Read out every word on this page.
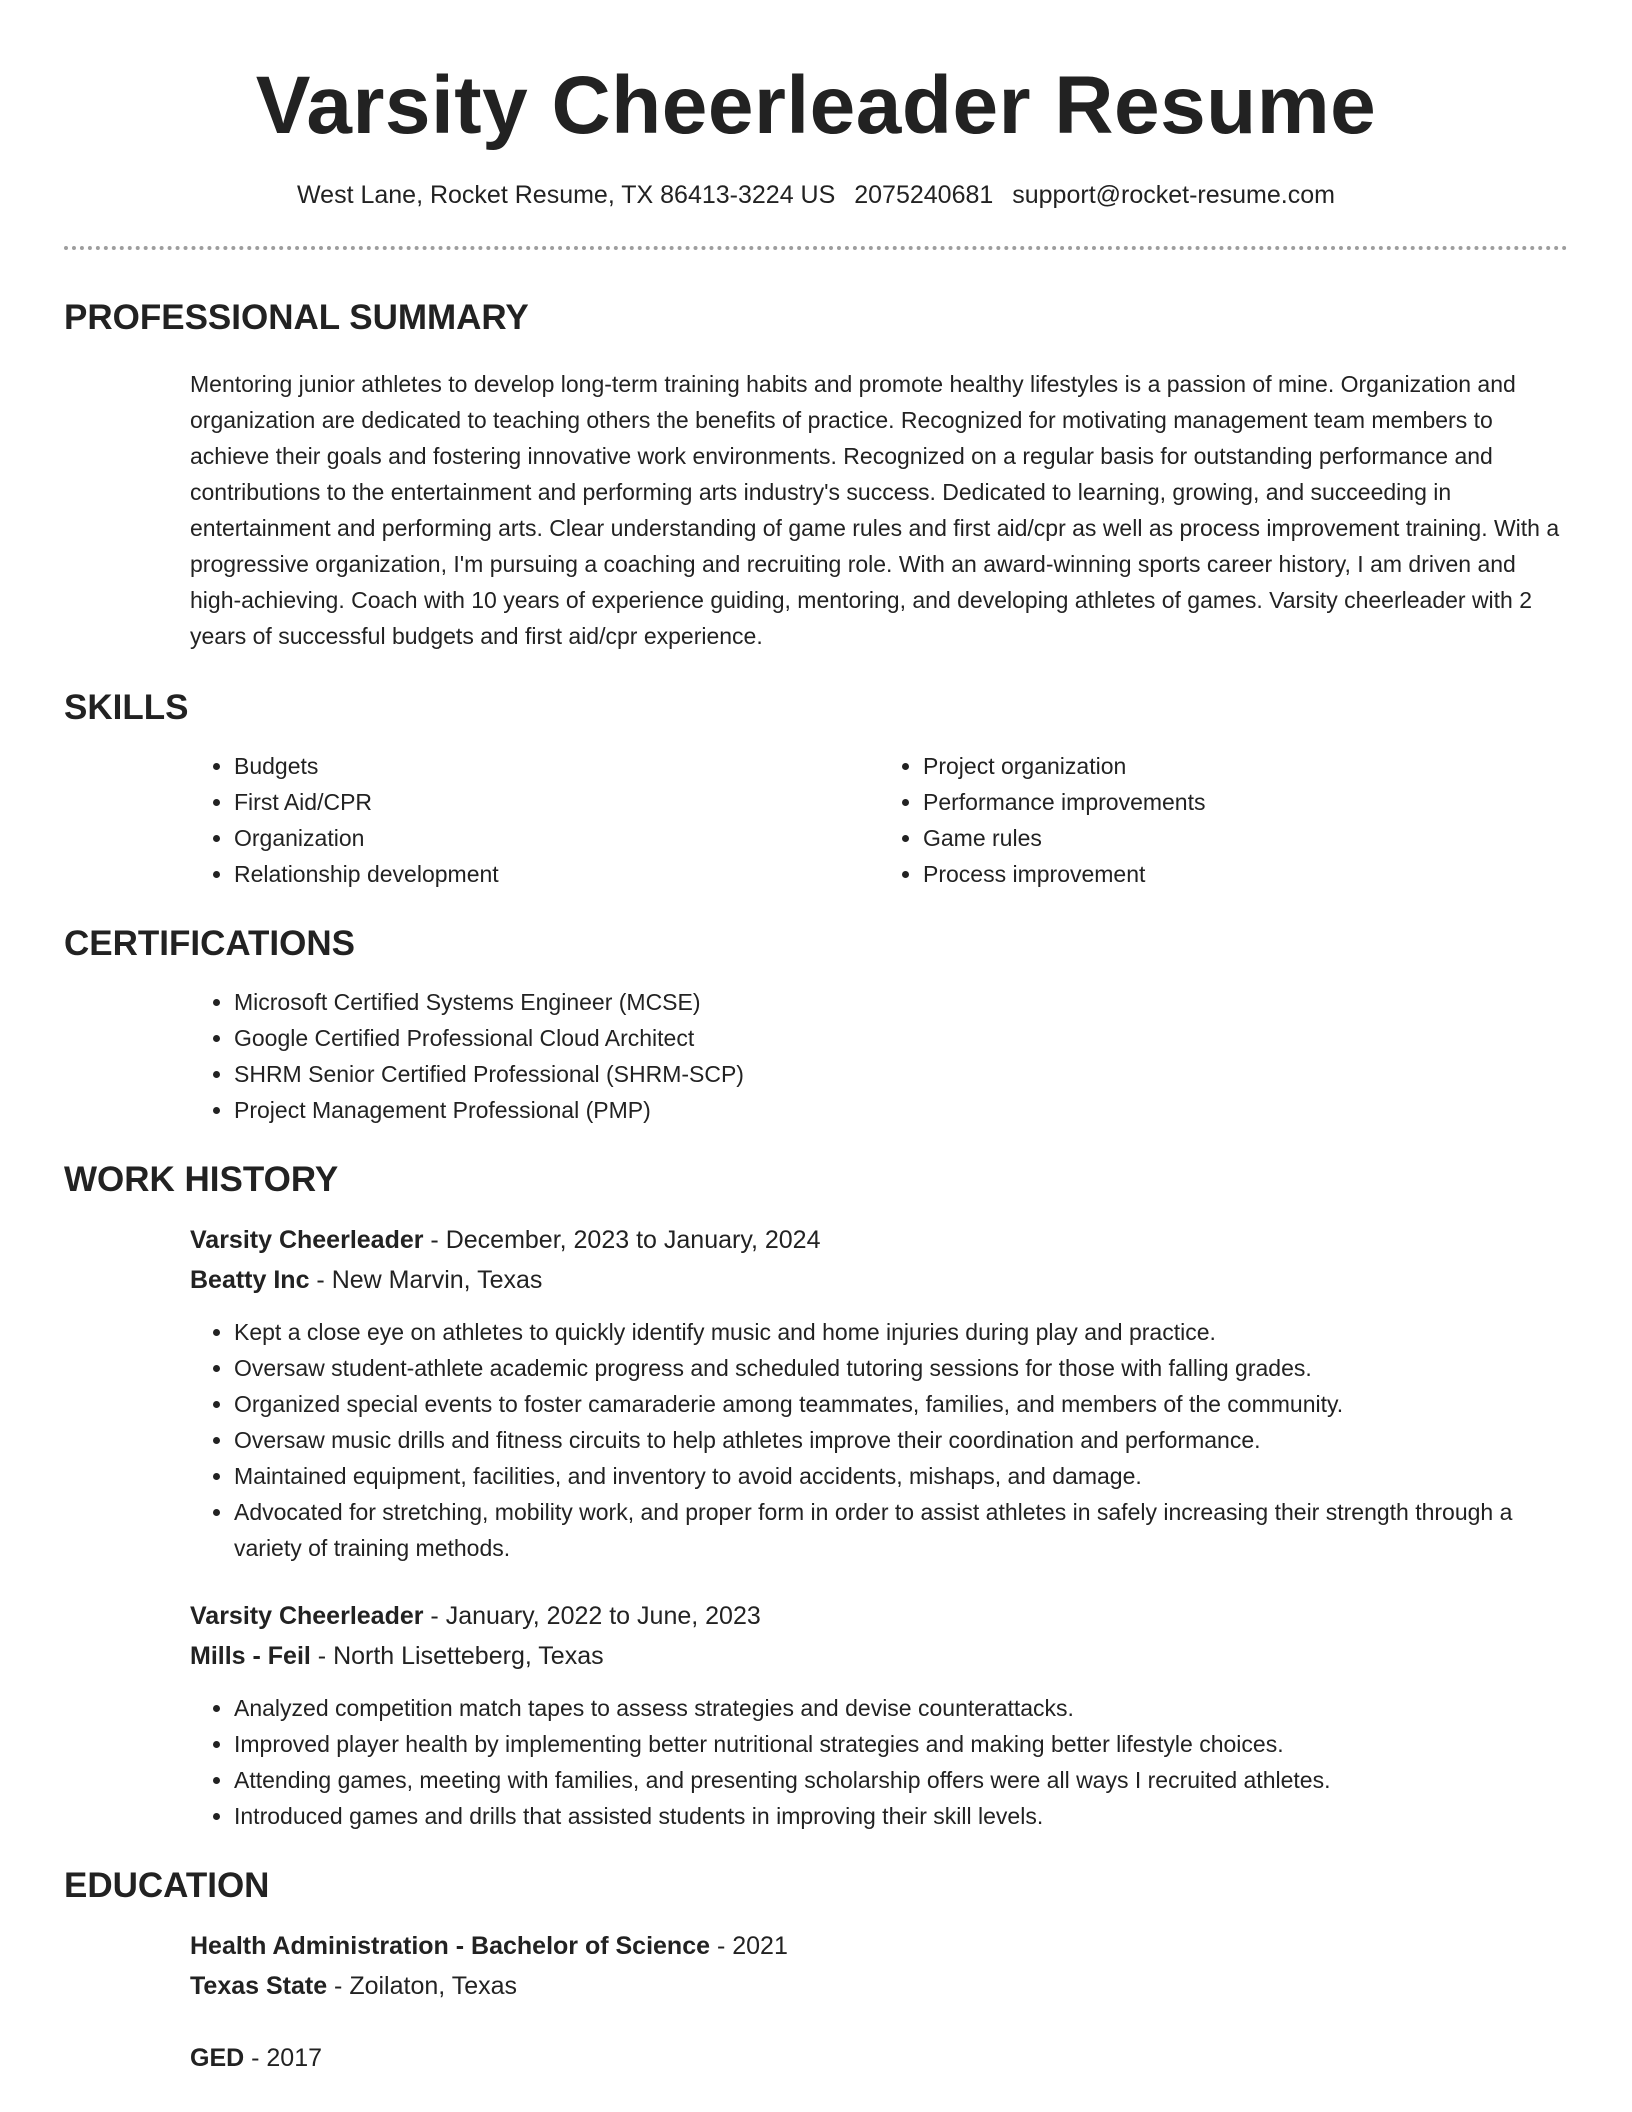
Varsity Cheerleader Resume
West Lane, Rocket Resume, TX 86413-3224 US 2075240681 support@rocket-resume.com
PROFESSIONAL SUMMARY
Mentoring junior athletes to develop long-term training habits and promote healthy lifestyles is a passion of mine. Organization and organization are dedicated to teaching others the benefits of practice. Recognized for motivating management team members to achieve their goals and fostering innovative work environments. Recognized on a regular basis for outstanding performance and contributions to the entertainment and performing arts industry's success. Dedicated to learning, growing, and succeeding in entertainment and performing arts. Clear understanding of game rules and first aid/cpr as well as process improvement training. With a progressive organization, I'm pursuing a coaching and recruiting role. With an award-winning sports career history, I am driven and high-achieving. Coach with 10 years of experience guiding, mentoring, and developing athletes of games. Varsity cheerleader with 2 years of successful budgets and first aid/cpr experience.
SKILLS
• Budgets
• First Aid/CPR
• Organization
• Relationship development
• Project organization
• Performance improvements
• Game rules
• Process improvement
CERTIFICATIONS
• Microsoft Certified Systems Engineer (MCSE)
• Google Certified Professional Cloud Architect
• SHRM Senior Certified Professional (SHRM-SCP)
• Project Management Professional (PMP)
WORK HISTORY
Varsity Cheerleader - December, 2023 to January, 2024
Beatty Inc - New Marvin, Texas
• Kept a close eye on athletes to quickly identify music and home injuries during play and practice.
• Oversaw student-athlete academic progress and scheduled tutoring sessions for those with falling grades.
• Organized special events to foster camaraderie among teammates, families, and members of the community.
• Oversaw music drills and fitness circuits to help athletes improve their coordination and performance.
• Maintained equipment, facilities, and inventory to avoid accidents, mishaps, and damage.
• Advocated for stretching, mobility work, and proper form in order to assist athletes in safely increasing their strength through a variety of training methods.
Varsity Cheerleader - January, 2022 to June, 2023
Mills - Feil - North Lisetteberg, Texas
• Analyzed competition match tapes to assess strategies and devise counterattacks.
• Improved player health by implementing better nutritional strategies and making better lifestyle choices.
• Attending games, meeting with families, and presenting scholarship offers were all ways I recruited athletes.
• Introduced games and drills that assisted students in improving their skill levels.
EDUCATION
Health Administration - Bachelor of Science - 2021
Texas State - Zoilaton, Texas
GED - 2017
